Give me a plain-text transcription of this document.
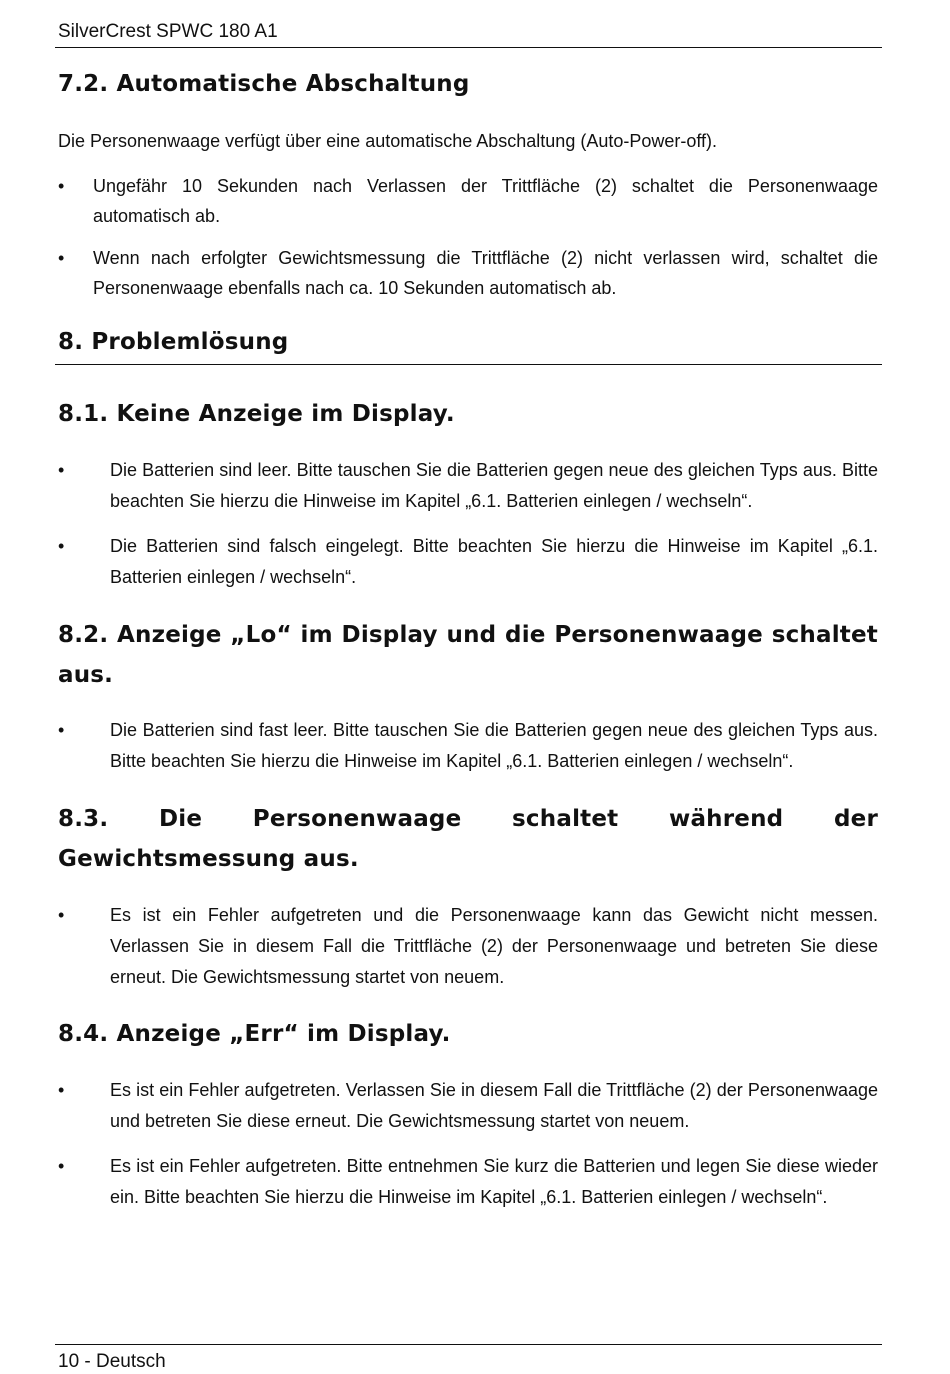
SilverCrest SPWC 180 A1
7.2. Automatische Abschaltung
Die Personenwaage verfügt über eine automatische Abschaltung (Auto-Power-off).
• Ungefähr 10 Sekunden nach Verlassen der Trittfläche (2) schaltet die Personenwaage automatisch ab.
• Wenn nach erfolgter Gewichtsmessung die Trittfläche (2) nicht verlassen wird, schaltet die Personenwaage ebenfalls nach ca. 10 Sekunden automatisch ab.
8. Problemlösung
8.1. Keine Anzeige im Display.
•	Die Batterien sind leer. Bitte tauschen Sie die Batterien gegen neue des gleichen Typs aus. Bitte beachten Sie hierzu die Hinweise im Kapitel „6.1. Batterien einlegen / wechseln“.
•	Die Batterien sind falsch eingelegt. Bitte beachten Sie hierzu die Hinweise im Kapitel „6.1. Batterien einlegen / wechseln“.
8.2. Anzeige „Lo“ im Display und die Personenwaage schaltet aus.
•	Die Batterien sind fast leer. Bitte tauschen Sie die Batterien gegen neue des gleichen Typs aus. Bitte beachten Sie hierzu die Hinweise im Kapitel „6.1. Batterien einlegen / wechseln“.
8.3. Die Personenwaage schaltet während der Gewichtsmessung aus.
•	Es ist ein Fehler aufgetreten und die Personenwaage kann das Gewicht nicht messen. Verlassen Sie in diesem Fall die Trittfläche (2) der Personenwaage und betreten Sie diese erneut. Die Gewichtsmessung startet von neuem.
8.4. Anzeige „Err“ im Display.
•	Es ist ein Fehler aufgetreten. Verlassen Sie in diesem Fall die Trittfläche (2) der Personenwaage und betreten Sie diese erneut. Die Gewichtsmessung startet von neuem.
•	Es ist ein Fehler aufgetreten. Bitte entnehmen Sie kurz die Batterien und legen Sie diese wieder ein. Bitte beachten Sie hierzu die Hinweise im Kapitel „6.1. Batterien einlegen / wechseln“.
10 - Deutsch
